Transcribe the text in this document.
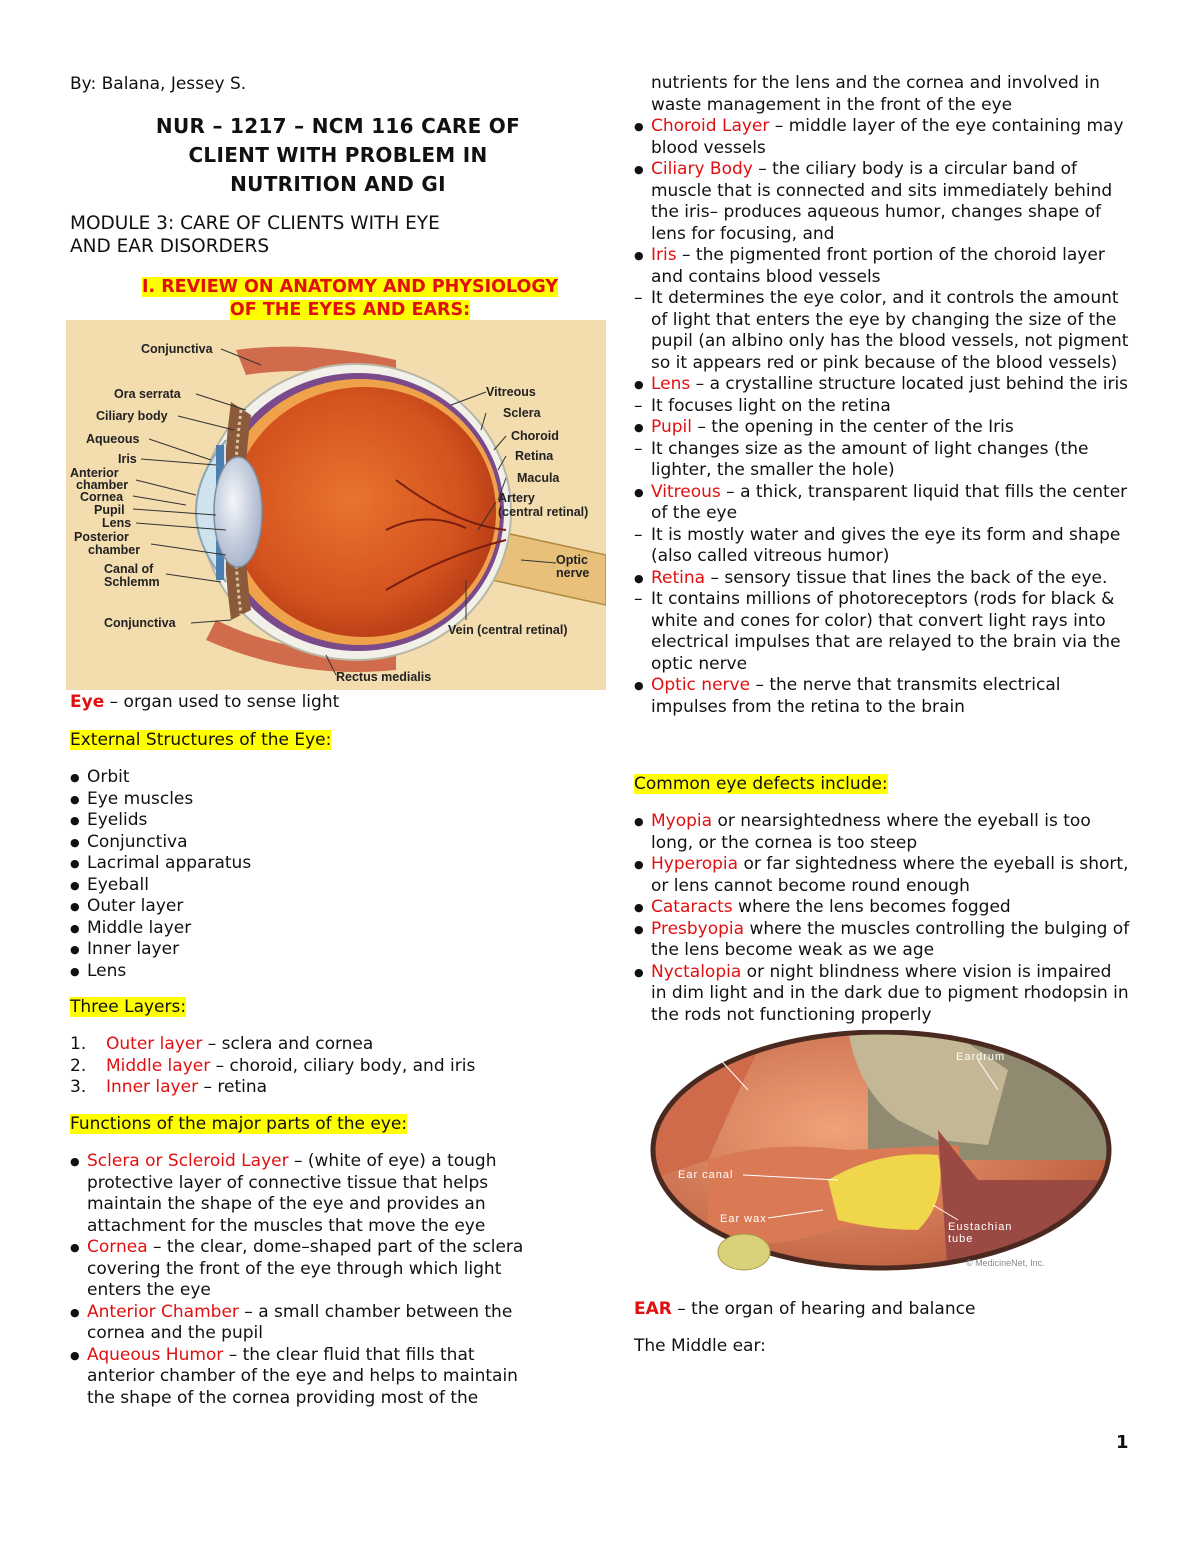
By: Balana, Jessey S.
NUR – 1217 – NCM 116 CARE OF
CLIENT WITH PROBLEM IN
NUTRITION AND GI
MODULE 3: CARE OF CLIENTS WITH EYE
AND EAR DISORDERS
I. REVIEW ON ANATOMY AND PHYSIOLOGY
OF THE EYES AND EARS:
Conjunctiva
Ora serrata
Ciliary body
Aqueous
Iris
Anterior
chamber
Cornea
Pupil
Lens
Posterior
chamber
Canal of
Schlemm
Conjunctiva
Vitreous
Sclera
Choroid
Retina
Macula
Artery
(central retinal)
Optic
nerve
Vein (central retinal)
Rectus medialis
Eye – organ used to sense light
External Structures of the Eye:
● Orbit
● Eye muscles
● Eyelids
● Conjunctiva
● Lacrimal apparatus
● Eyeball
● Outer layer
● Middle layer
● Inner layer
● Lens
Three Layers:
1. Outer layer – sclera and cornea
2. Middle layer – choroid, ciliary body, and iris
3. Inner layer – retina
Functions of the major parts of the eye:
● Sclera or Scleroid Layer – (white of eye) a tough protective layer of connective tissue that helps maintain the shape of the eye and provides an attachment for the muscles that move the eye
● Cornea – the clear, dome–shaped part of the sclera covering the front of the eye through which light enters the eye
● Anterior Chamber – a small chamber between the cornea and the pupil
● Aqueous Humor – the clear fluid that fills that anterior chamber of the eye and helps to maintain the shape of the cornea providing most of the
nutrients for the lens and the cornea and involved in waste management in the front of the eye
● Choroid Layer – middle layer of the eye containing may blood vessels
● Ciliary Body – the ciliary body is a circular band of muscle that is connected and sits immediately behind the iris– produces aqueous humor, changes shape of lens for focusing, and
● Iris – the pigmented front portion of the choroid layer and contains blood vessels
– It determines the eye color, and it controls the amount of light that enters the eye by changing the size of the pupil (an albino only has the blood vessels, not pigment so it appears red or pink because of the blood vessels)
● Lens – a crystalline structure located just behind the iris
– It focuses light on the retina
● Pupil – the opening in the center of the Iris
– It changes size as the amount of light changes (the lighter, the smaller the hole)
● Vitreous – a thick, transparent liquid that fills the center of the eye
– It is mostly water and gives the eye its form and shape (also called vitreous humor)
● Retina – sensory tissue that lines the back of the eye.
– It contains millions of photoreceptors (rods for black & white and cones for color) that convert light rays into electrical impulses that are relayed to the brain via the optic nerve
● Optic nerve – the nerve that transmits electrical impulses from the retina to the brain
Common eye defects include:
● Myopia or nearsightedness where the eyeball is too long, or the cornea is too steep
● Hyperopia or far sightedness where the eyeball is short, or lens cannot become round enough
● Cataracts where the lens becomes fogged
● Presbyopia where the muscles controlling the bulging of the lens become weak as we age
● Nyctalopia or night blindness where vision is impaired in dim light and in the dark due to pigment rhodopsin in the rods not functioning properly
Outer ear
Eardrum
Ear canal
Ear wax
Eustachian
tube
© MedicineNet, Inc.
EAR – the organ of hearing and balance
The Middle ear:
1
